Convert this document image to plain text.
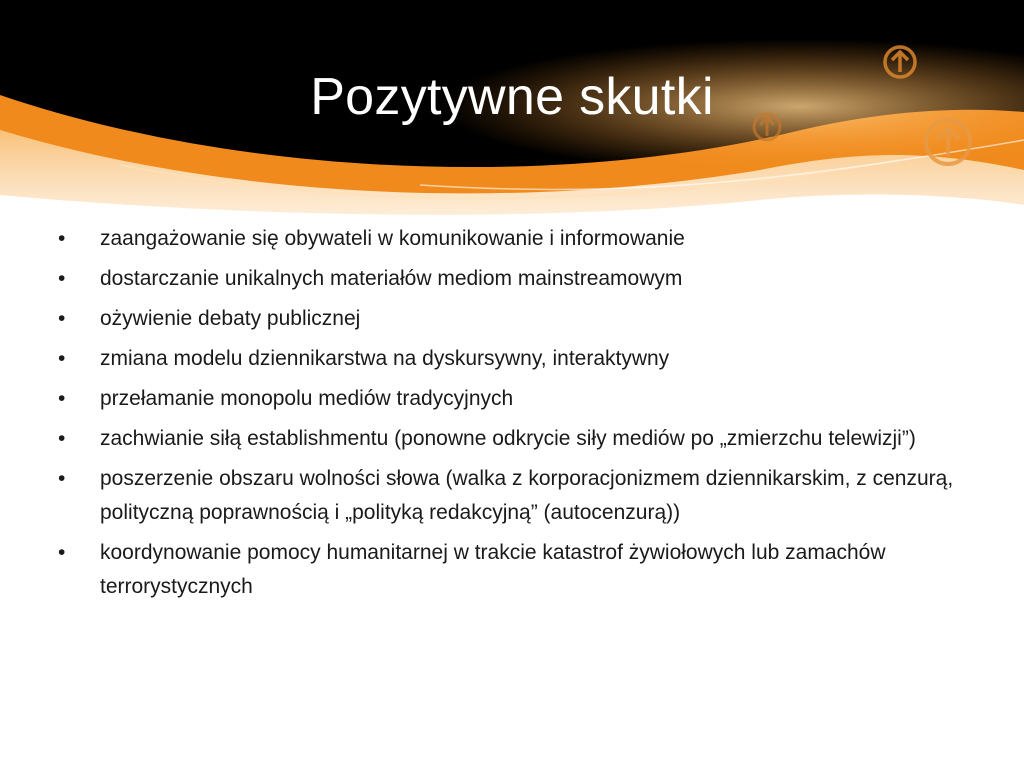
Pozytywne skutki
•	zaangażowanie się obywateli w komunikowanie i informowanie
•	dostarczanie unikalnych materiałów mediom mainstreamowym
•	ożywienie debaty publicznej
•	zmiana modelu dziennikarstwa na dyskursywny, interaktywny
•	przełamanie monopolu mediów tradycyjnych
•	zachwianie siłą establishmentu (ponowne odkrycie siły mediów po „zmierzchu telewizji”)
•	poszerzenie obszaru wolności słowa (walka z korporacjonizmem dziennikarskim, z cenzurą, polityczną poprawnością i „polityką redakcyjną” (autocenzurą))
•	koordynowanie pomocy humanitarnej w trakcie katastrof żywiołowych lub zamachów terrorystycznych
